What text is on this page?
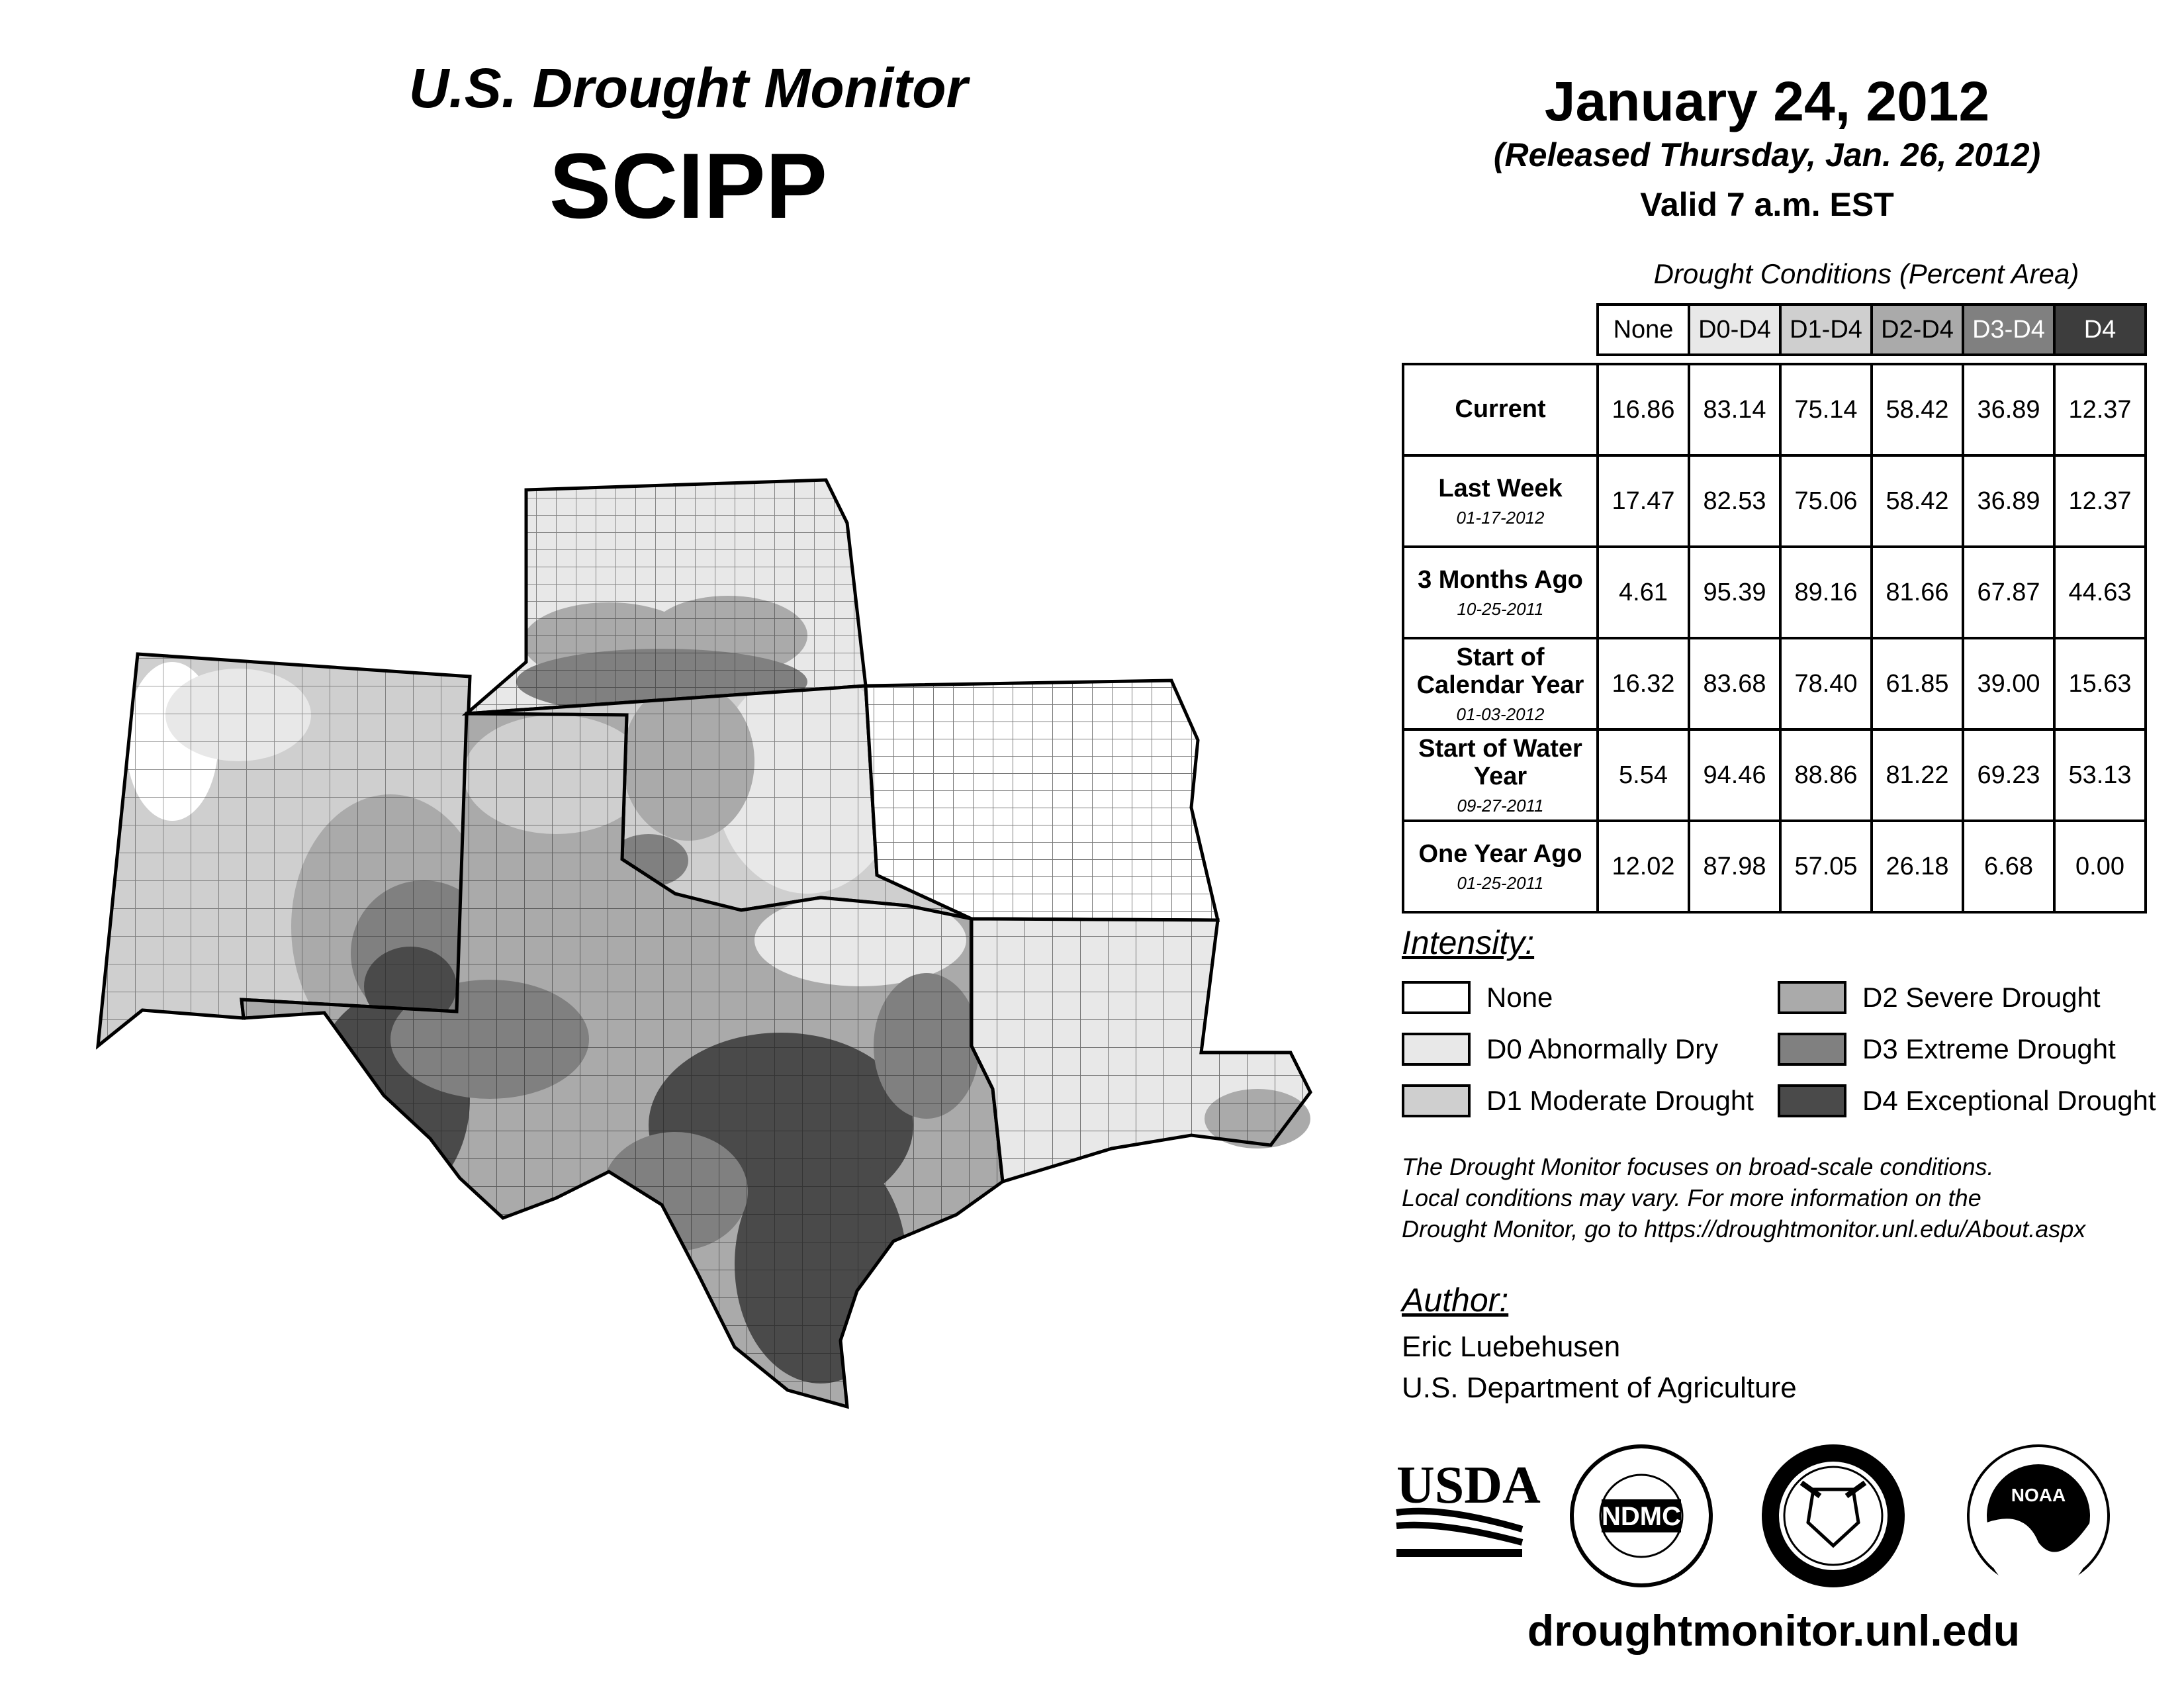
U.S. Drought Monitor
SCIPP
January 24, 2012
(Released Thursday, Jan. 26, 2012)
Valid 7 a.m. EST
Drought Conditions (Percent Area)
	None	D0-D4	D1-D4	D2-D4	D3-D4	D4

Current	16.86	83.14	75.14	58.42	36.89	12.37
Last Week
01-17-2012	17.47	82.53	75.06	58.42	36.89	12.37
3 Months Ago
10-25-2011	4.61	95.39	89.16	81.66	67.87	44.63
Start of Calendar Year
01-03-2012	16.32	83.68	78.40	61.85	39.00	15.63
Start of Water Year
09-27-2011	5.54	94.46	88.86	81.22	69.23	53.13
One Year Ago
01-25-2011	12.02	87.98	57.05	26.18	6.68	0.00
Intensity:
None
D0 Abnormally Dry
D1 Moderate Drought
D2 Severe Drought
D3 Extreme Drought
D4 Exceptional Drought
The Drought Monitor focuses on broad-scale conditions.
Local conditions may vary. For more information on the
Drought Monitor, go to https://droughtmonitor.unl.edu/About.aspx
Author:
Eric Luebehusen
U.S. Department of Agriculture
USDA
NDMC
NOAA
droughtmonitor.unl.edu
